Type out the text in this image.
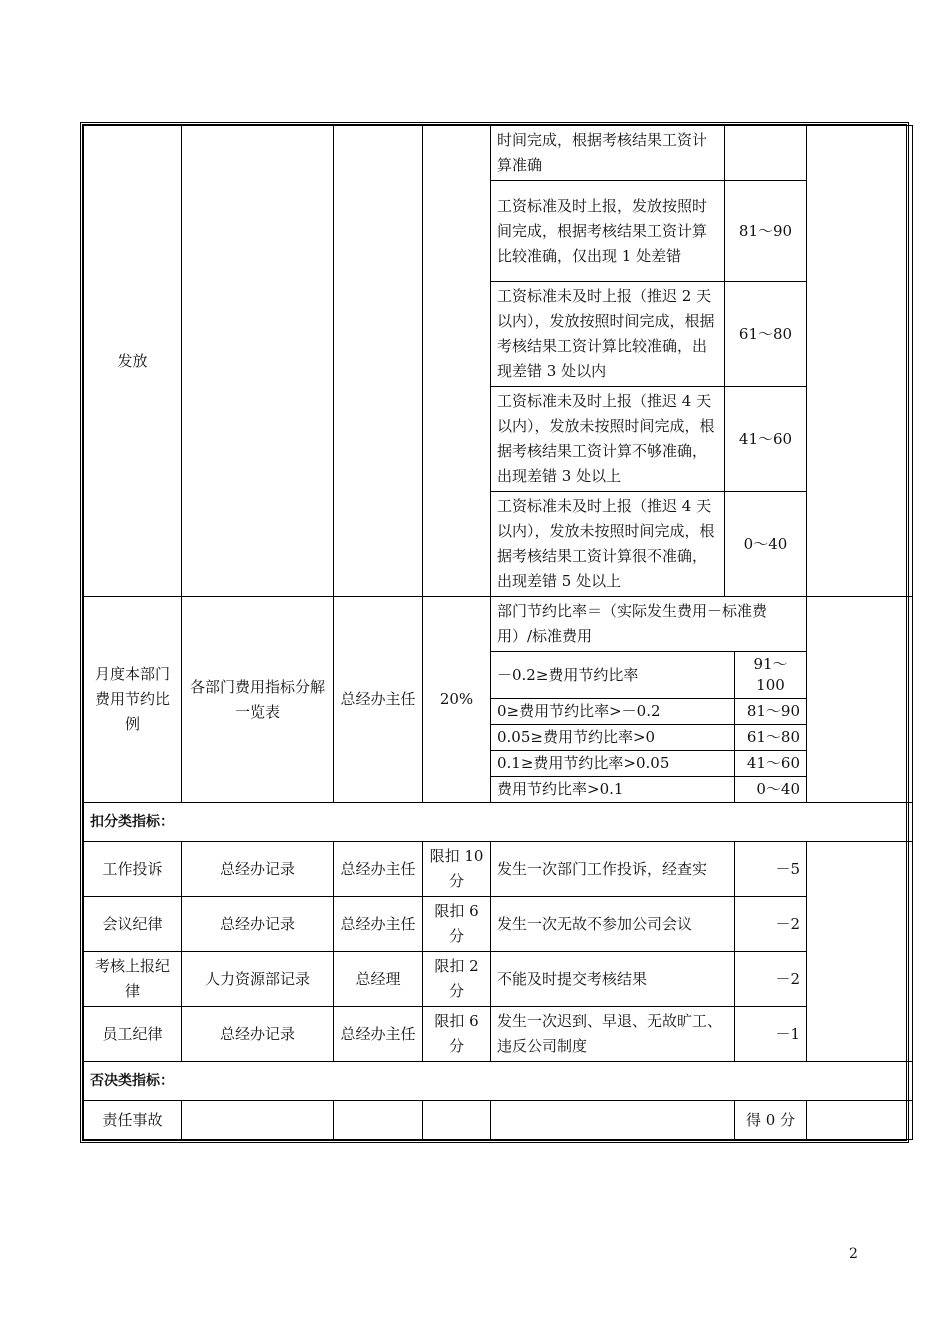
发放				时间完成，根据考核结果工资计算准确			
				工资标准及时上报，发放按照时间完成，根据考核结果工资计算比较准确，仅出现 1 处差错	81～90		
				工资标准未及时上报（推迟 2 天以内），发放按照时间完成，根据考核结果工资计算比较准确，出现差错 3 处以内	61～80		
				工资标准未及时上报（推迟 4 天以内），发放未按照时间完成，根据考核结果工资计算不够准确，出现差错 3 处以上	41～60		
				工资标准未及时上报（推迟 4 天以内），发放未按照时间完成，根据考核结果工资计算很不准确，出现差错 5 处以上	0～40		
月度本部门费用节约比例	各部门费用指标分解一览表	总经办主任	20%	部门节约比率＝（实际发生费用－标准费用）/标准费用			
				－0.2≥费用节约比率		91～100	
				0≥费用节约比率>－0.2		81～90	
				0.05≥费用节约比率>0		61～80	
				0.1≥费用节约比率>0.05		41～60	
				费用节约比率>0.1		0～40	
扣分类指标：							
工作投诉	总经办记录	总经办主任	限扣 10 分	发生一次部门工作投诉，经查实		－5	
会议纪律	总经办记录	总经办主任	限扣 6 分	发生一次无故不参加公司会议		－2	
考核上报纪律	人力资源部记录	总经理	限扣 2 分	不能及时提交考核结果		－2	
员工纪律	总经办记录	总经办主任	限扣 6 分	发生一次迟到、早退、无故旷工、违反公司制度		－1	
否决类指标：							
责任事故						得 0 分	
2
